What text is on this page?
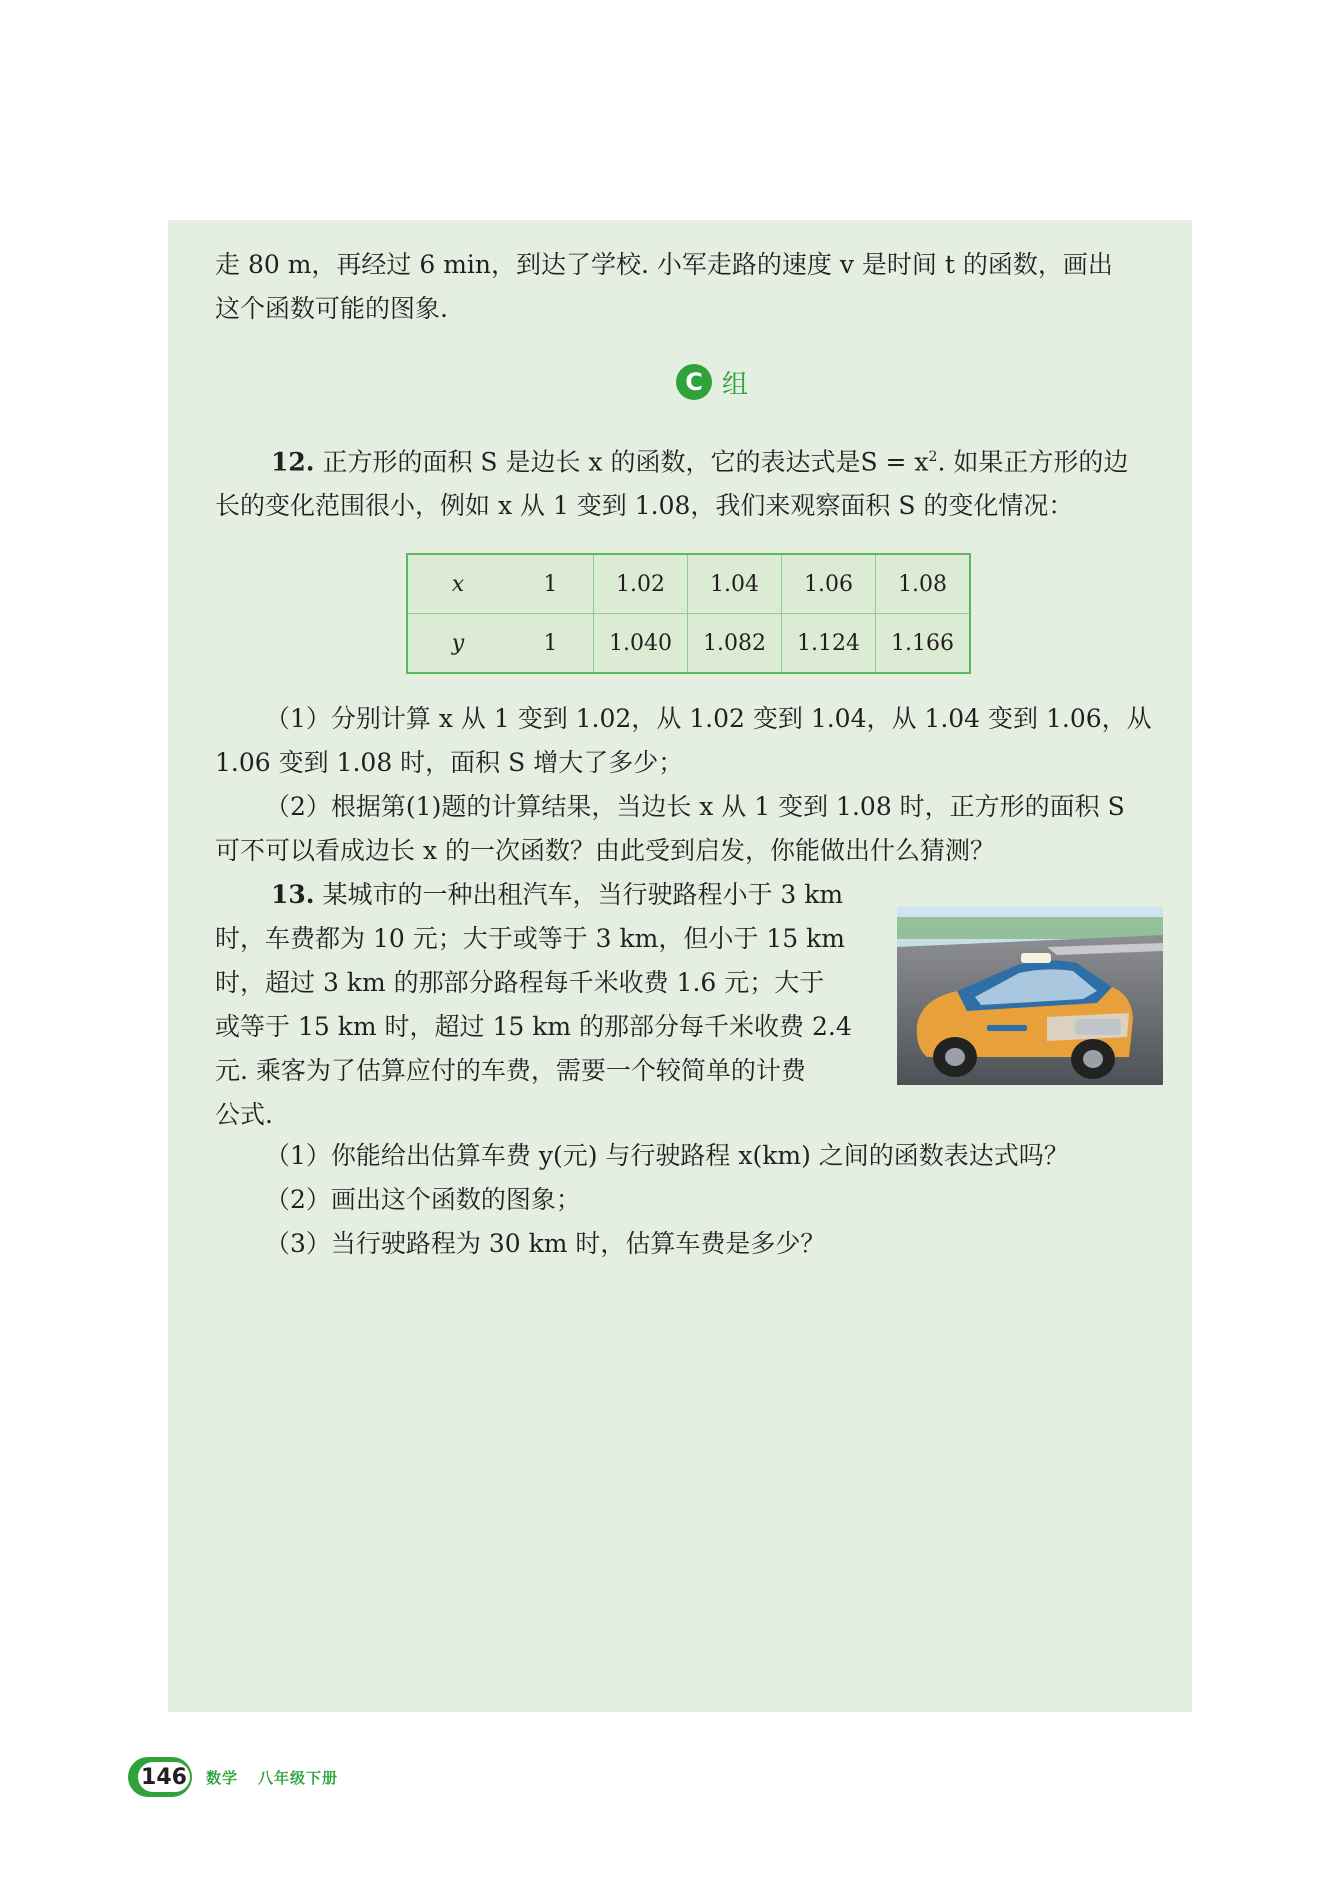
走 80 m，再经过 6 min，到达了学校. 小军走路的速度 v 是时间 t 的函数，画出
这个函数可能的图象.

C 组

12. 正方形的面积 S 是边长 x 的函数，它的表达式是$S = x^2$. 如果正方形的边
长的变化范围很小，例如 x 从 1 变到 1.08，我们来观察面积 S 的变化情况：

x	1	1.02	1.04	1.06	1.08
y	1	1.040	1.082	1.124	1.166

（1）分别计算 x 从 1 变到 1.02，从 1.02 变到 1.04，从 1.04 变到 1.06，从
1.06 变到 1.08 时，面积 S 增大了多少；
（2）根据第(1)题的计算结果，当边长 x 从 1 变到 1.08 时，正方形的面积 S
可不可以看成边长 x 的一次函数？由此受到启发，你能做出什么猜测？

13. 某城市的一种出租汽车，当行驶路程小于 3 km
时，车费都为 10 元；大于或等于 3 km，但小于 15 km
时，超过 3 km 的那部分路程每千米收费 1.6 元；大于
或等于 15 km 时，超过 15 km 的那部分每千米收费 2.4
元. 乘客为了估算应付的车费，需要一个较简单的计费
公式.

（1）你能给出估算车费 y(元) 与行驶路程 x(km) 之间的函数表达式吗？
（2）画出这个函数的图象；
（3）当行驶路程为 30 km 时，估算车费是多少？

146 数学 八年级下册
